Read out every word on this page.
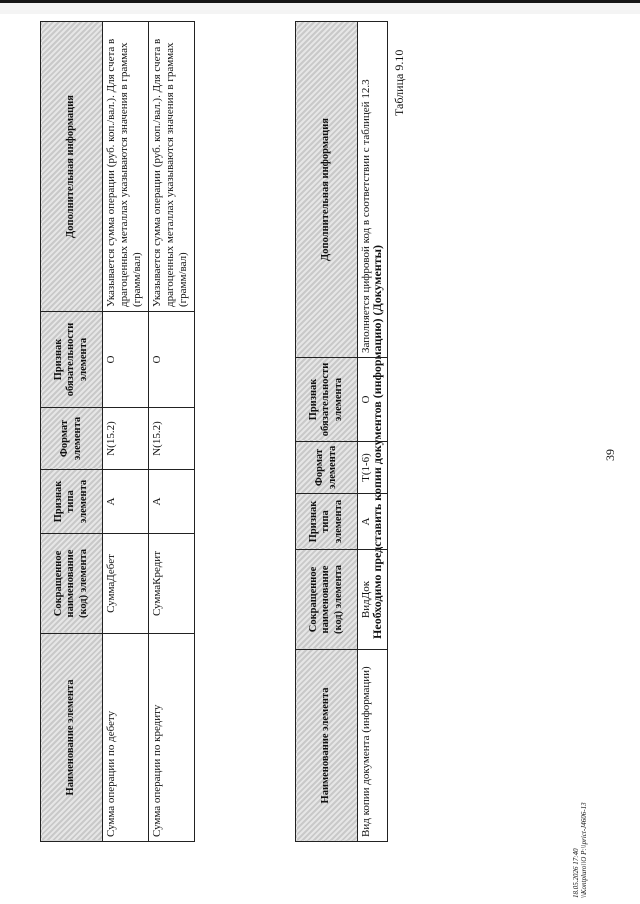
39
Наименование элемента	Сокращенное наименование (код) элемента	Признак типа элемента	Формат элемента	Признак обязательности элемента	Дополнительная информация
Сумма операции по дебету	СуммаДебет	А	N(15.2)	О	Указывается сумма операции (руб. коп./вал.). Для счета в драгоценных металлах указываются значения в граммах (грамм/вал)
Сумма операции по кредиту	СуммаКредит	А	N(15.2)	О	Указывается сумма операции (руб. коп./вал.). Для счета в драгоценных металлах указываются значения в граммах (грамм/вал)
Таблица 9.10
Необходимо представить копии документов (информацию) (Документы)
Наименование элемента	Сокращенное наименование (код) элемента	Признак типа элемента	Формат элемента	Признак обязательности элемента	Дополнительная информация
Вид копии документа (информации)	ВидДок	А	T(1-6)	О	Заполняется цифровой код в соответствии с таблицей 12.3
18.05.2026 17:40 \\Kontpluro\\O P:\\prict-J4606-13
